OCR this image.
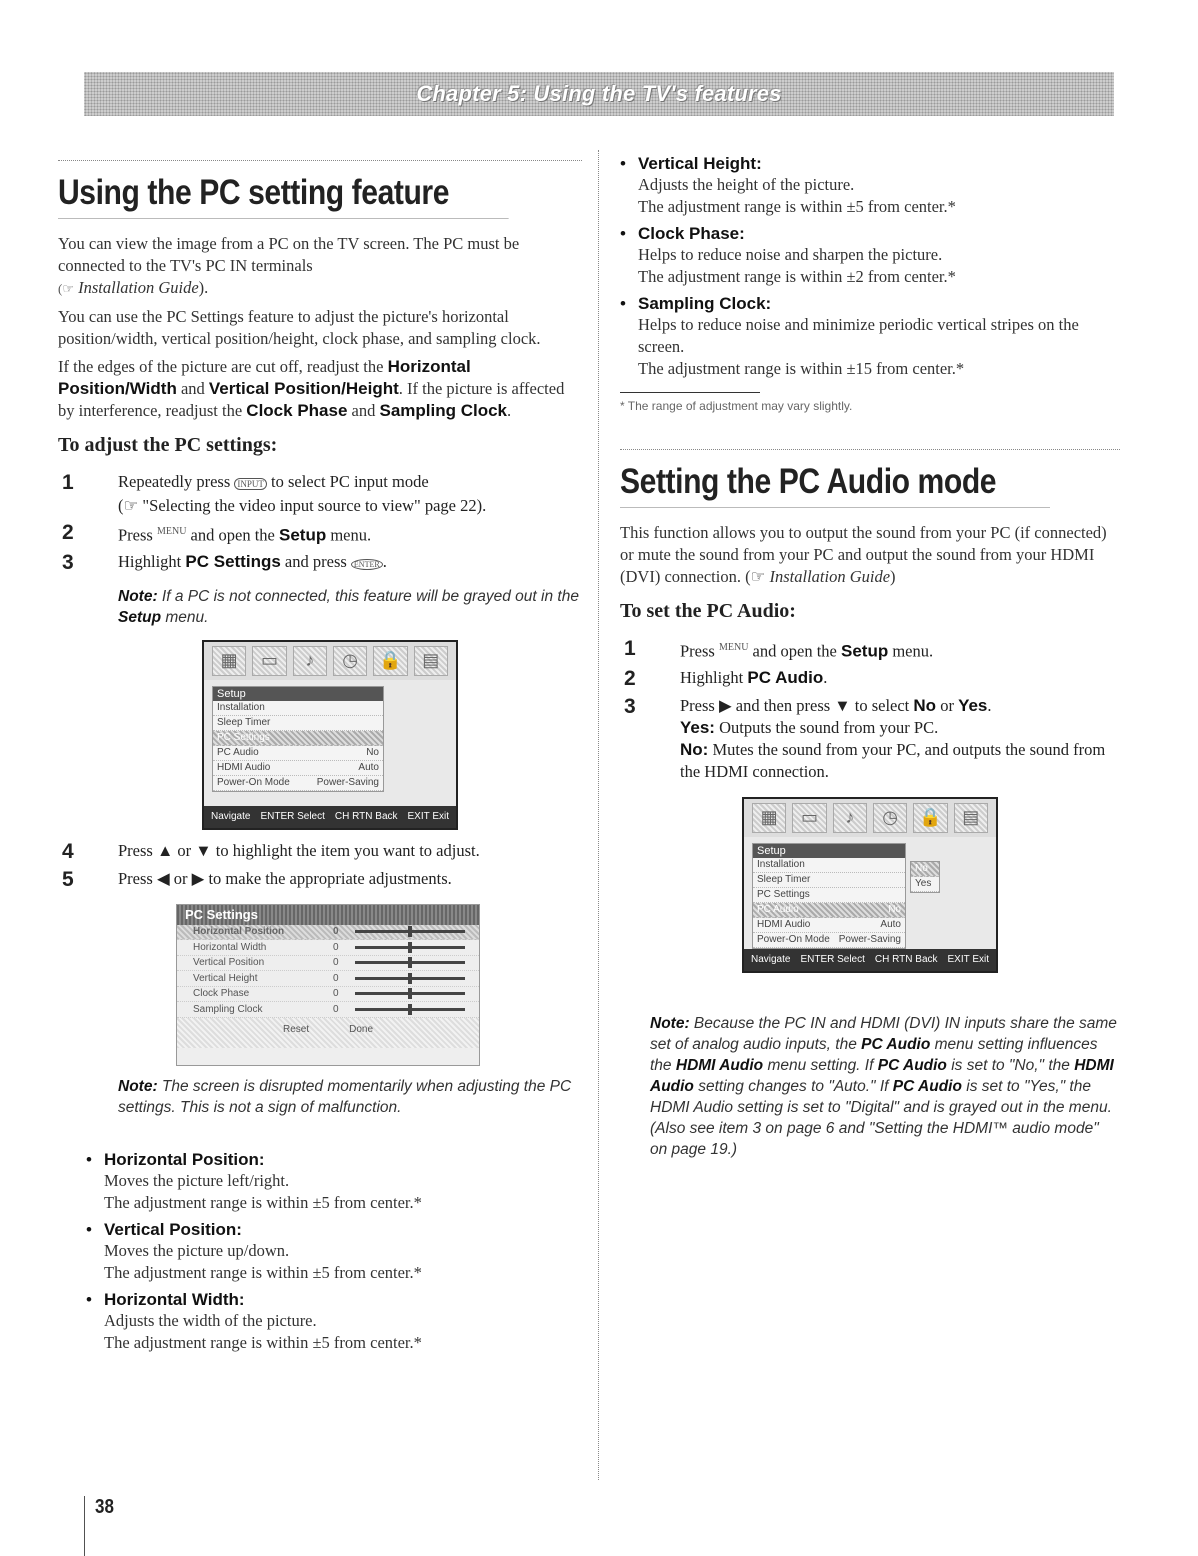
Chapter 5: Using the TV's features
Using the PC setting feature

You can view the image from a PC on the TV screen. The PC must be connected to the TV's PC IN terminals
(☞ Installation Guide).

You can use the PC Settings feature to adjust the picture's horizontal position/width, vertical position/height, clock phase, and sampling clock.

If the edges of the picture are cut off, readjust the Horizontal Position/Width and Vertical Position/Height. If the picture is affected by interference, readjust the Clock Phase and Sampling Clock.

To adjust the PC settings:
1	Repeatedly press INPUT to select PC input mode
(☞ "Selecting the video input source to view" page 22).
2	Press $^{MENU}$ and open the Setup menu.
3	Highlight PC Settings and press ENTER .
Note: If a PC is not connected, this feature will be grayed out in the Setup menu.
▦	▭	♪	◷	🔒	▤
Setup
Installation
Sleep Timer
PC Settings
PC Audio	No
HDMI Audio	Auto
Power-On Mode	Power-Saving
Navigate ENTER Select CH RTN Back EXIT Exit
4	Press ▲ or ▼ to highlight the item you want to adjust.
5	Press ◀ or ▶ to make the appropriate adjustments.
PC Settings
Horizontal Position	0
Horizontal Width	0
Vertical Position	0
Vertical Height	0
Clock Phase	0
Sampling Clock	0
Reset	Done
Note: The screen is disrupted momentarily when adjusting the PC settings. This is not a sign of malfunction.
• Horizontal Position:
Moves the picture left/right.
The adjustment range is within ±5 from center.*
• Vertical Position:
Moves the picture up/down.
The adjustment range is within ±5 from center.*
• Horizontal Width:
Adjusts the width of the picture.
The adjustment range is within ±5 from center.*
• Vertical Height:
Adjusts the height of the picture.
The adjustment range is within ±5 from center.*
• Clock Phase:
Helps to reduce noise and sharpen the picture.
The adjustment range is within ±2 from center.*
• Sampling Clock:
Helps to reduce noise and minimize periodic vertical stripes on the screen.
The adjustment range is within ±15 from center.*
* The range of adjustment may vary slightly.
Setting the PC Audio mode

This function allows you to output the sound from your PC (if connected) or mute the sound from your PC and output the sound from your HDMI (DVI) connection. (☞ Installation Guide)

To set the PC Audio:
1	Press $^{MENU}$ and open the Setup menu.
2	Highlight PC Audio.
3	Press ▶ and then press ▼ to select No or Yes.
Yes: Outputs the sound from your PC.
No: Mutes the sound from your PC, and outputs the sound from the HDMI connection.
▦	▭	♪	◷	🔒	▤
Setup
Installation
Sleep Timer
PC Settings
PC Audio	No
HDMI Audio	Auto
Power-On Mode Power-Saving
No
Yes
Navigate ENTER Select CH RTN Back EXIT Exit
Note: Because the PC IN and HDMI (DVI) IN inputs share the same set of analog audio inputs, the PC Audio menu setting influences the HDMI Audio menu setting. If PC Audio is set to "No," the HDMI Audio setting changes to "Auto." If PC Audio is set to "Yes," the HDMI Audio setting is set to "Digital" and is grayed out in the menu. (Also see item 3 on page 6 and "Setting the HDMI™ audio mode" on page 19.)
38
